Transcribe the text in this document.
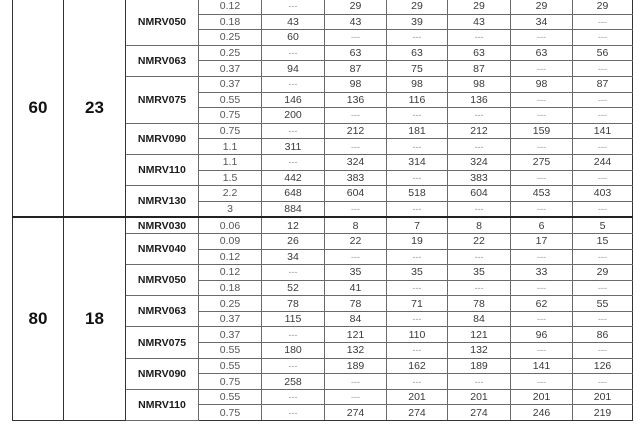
60	23	NMRV050	0.12	---	29	29	29	29	29
			0.18	43	43	39	43	34	---
			0.25	60	---	---	---	---	---
		NMRV063	0.25	---	63	63	63	63	56
			0.37	94	87	75	87	---	---
		NMRV075	0.37	---	98	98	98	98	87
			0.55	146	136	116	136	---	---
			0.75	200	---	---	---	---	---
		NMRV090	0.75	---	212	181	212	159	141
			1.1	311	---	---	---	---	---
		NMRV110	1.1	---	324	314	324	275	244
			1.5	442	383	---	383	---	---
		NMRV130	2.2	648	604	518	604	453	403
			3	884	---	---	---	---	---
80	18	NMRV030	0.06	12	8	7	8	6	5
		NMRV040	0.09	26	22	19	22	17	15
			0.12	34	---	---	---	---	---
		NMRV050	0.12	---	35	35	35	33	29
			0.18	52	41	---	---	---	---
		NMRV063	0.25	78	78	71	78	62	55
			0.37	115	84	---	84	---	---
		NMRV075	0.37	---	121	110	121	96	86
			0.55	180	132	---	132	---	---
		NMRV090	0.55	---	189	162	189	141	126
			0.75	258	---	---	---	---	---
		NMRV110	0.55	---	---	201	201	201	201
			0.75	---	274	274	274	246	219
